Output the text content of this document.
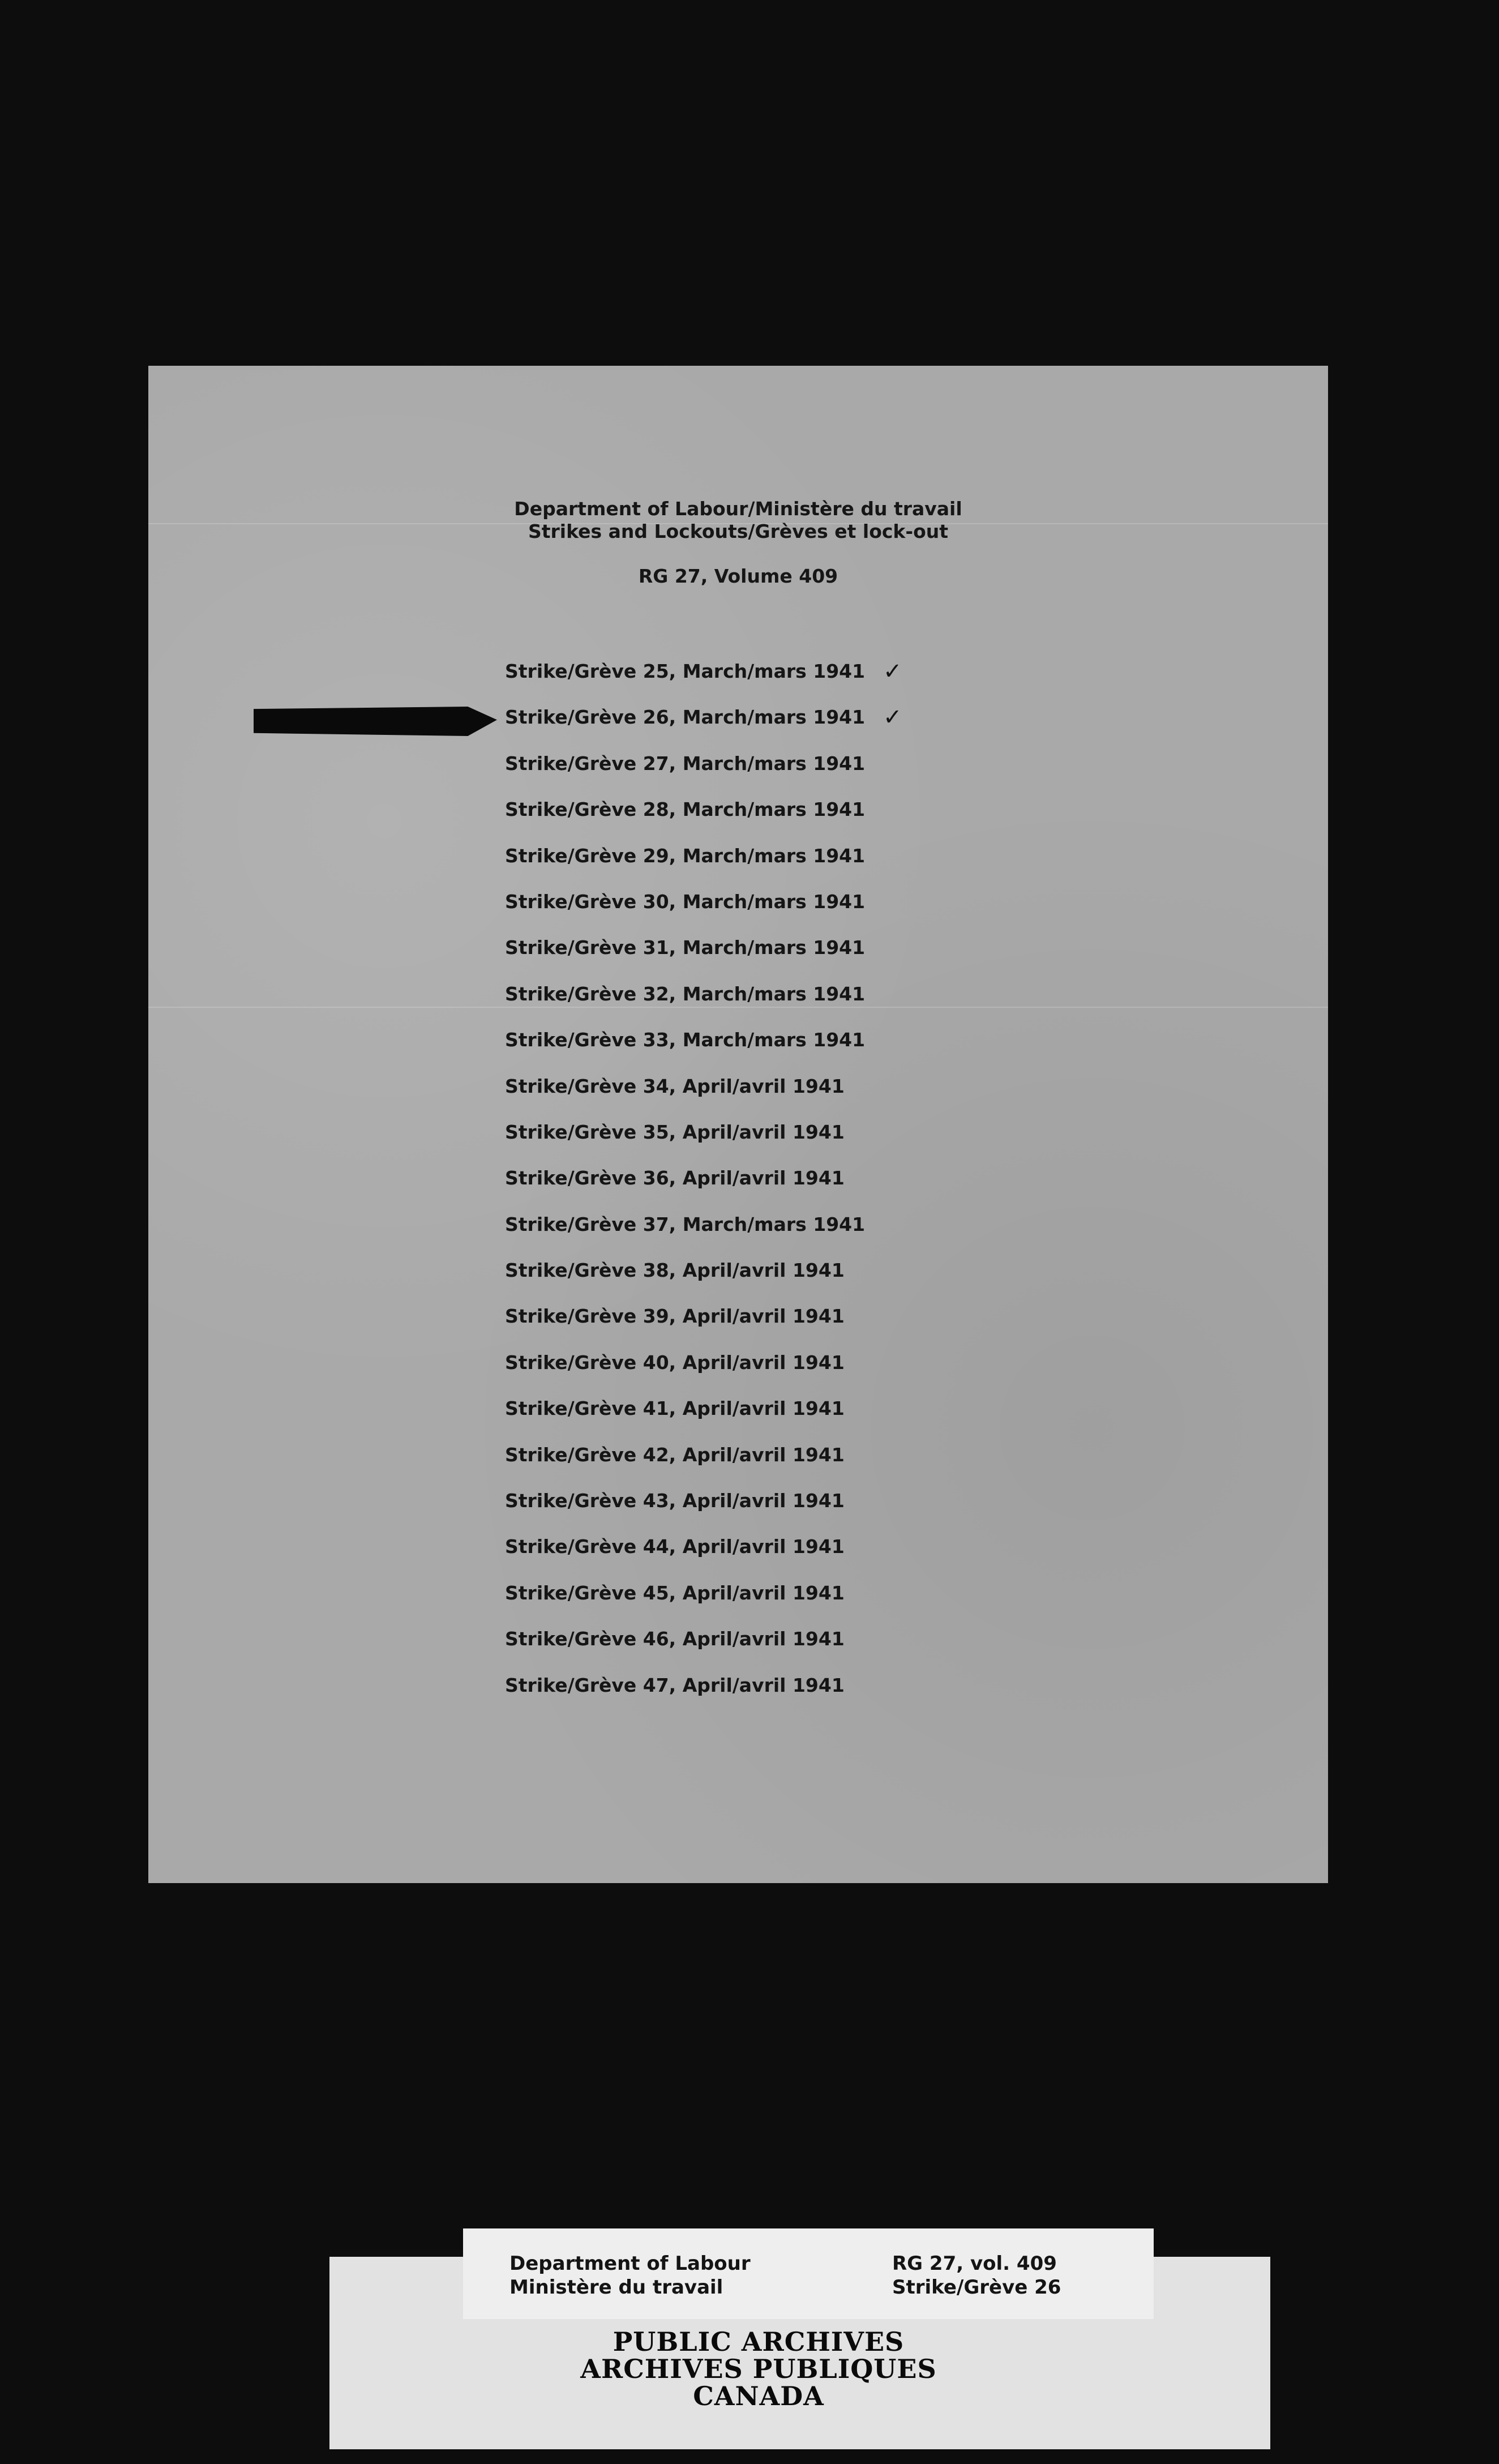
Department of Labour/Ministère du travail
Strikes and Lockouts/Grèves et lock-out
RG 27, Volume 409
Strike/Grève 25, March/mars 1941 ✓
Strike/Grève 26, March/mars 1941 ✓
Strike/Grève 27, March/mars 1941
Strike/Grève 28, March/mars 1941
Strike/Grève 29, March/mars 1941
Strike/Grève 30, March/mars 1941
Strike/Grève 31, March/mars 1941
Strike/Grève 32, March/mars 1941
Strike/Grève 33, March/mars 1941
Strike/Grève 34, April/avril 1941
Strike/Grève 35, April/avril 1941
Strike/Grève 36, April/avril 1941
Strike/Grève 37, March/mars 1941
Strike/Grève 38, April/avril 1941
Strike/Grève 39, April/avril 1941
Strike/Grève 40, April/avril 1941
Strike/Grève 41, April/avril 1941
Strike/Grève 42, April/avril 1941
Strike/Grève 43, April/avril 1941
Strike/Grève 44, April/avril 1941
Strike/Grève 45, April/avril 1941
Strike/Grève 46, April/avril 1941
Strike/Grève 47, April/avril 1941
Department of Labour
Ministère du travail
RG 27, vol. 409
Strike/Grève 26
PUBLIC ARCHIVES
ARCHIVES PUBLIQUES
CANADA
